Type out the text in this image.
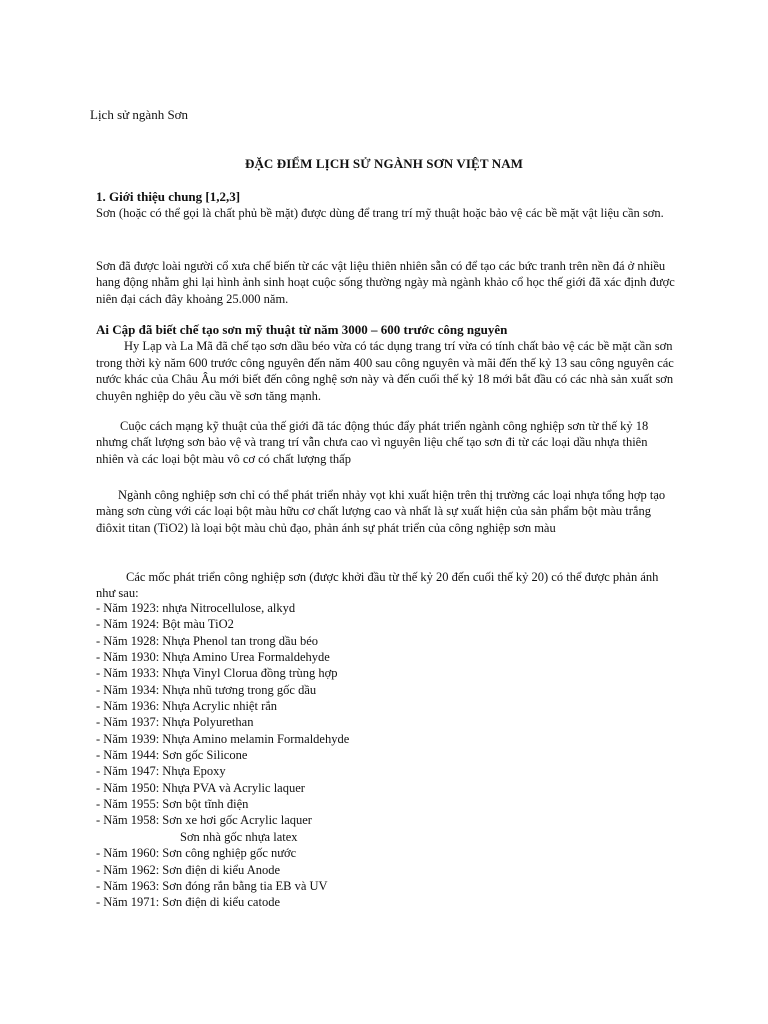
Lịch sử ngành Sơn
ĐẶC ĐIỂM LỊCH SỬ NGÀNH SƠN VIỆT NAM
1. Giới thiệu chung [1,2,3]
Sơn (hoặc có thể gọi là chất phủ bề mặt) được dùng để trang trí mỹ thuật hoặc bảo vệ các bề mặt vật liệu cần sơn.
Sơn đã được loài người cổ xưa chế biến từ các vật liệu thiên nhiên sẵn có để tạo các bức tranh trên nền đá ở nhiều hang động nhằm ghi lại hình ảnh sinh hoạt cuộc sống thường ngày mà ngành khảo cổ học thế giới đã xác định được niên đại cách đây khoảng 25.000 năm.
Ai Cập đã biết chế tạo sơn mỹ thuật từ năm 3000 – 600 trước công nguyên
Hy Lạp và La Mã đã chế tạo sơn dầu béo vừa có tác dụng trang trí vừa có tính chất bảo vệ các bề mặt cần sơn trong thời kỳ năm 600 trước công nguyên đến năm 400 sau công nguyên và mãi đến thế kỷ 13 sau công nguyên các nước khác của Châu Âu mới biết đến công nghệ sơn này và đến cuối thế kỷ 18 mới bắt đầu có các nhà sản xuất sơn chuyên nghiệp do yêu cầu về sơn tăng mạnh.
Cuộc cách mạng kỹ thuật của thế giới đã tác động thúc đẩy phát triển ngành công nghiệp sơn từ thế kỷ 18 nhưng chất lượng sơn bảo vệ và trang trí vẫn chưa cao vì nguyên liệu chế tạo sơn đi từ các loại dầu nhựa thiên nhiên và các loại bột màu vô cơ có chất lượng thấp
Ngành công nghiệp sơn chỉ có thể phát triển nhảy vọt khi xuất hiện trên thị trường các loại nhựa tổng hợp tạo màng sơn cùng với các loại bột màu hữu cơ chất lượng cao và nhất là sự xuất hiện của sản phẩm bột màu trắng điôxit titan (TiO2) là loại bột màu chủ đạo, phản ánh sự phát triển của công nghiệp sơn màu
Các mốc phát triển công nghiệp sơn (được khởi đầu từ thế kỷ 20 đến cuối thế kỷ 20) có thể được phản ánh như sau:
- Năm 1923: nhựa Nitrocellulose, alkyd
- Năm 1924: Bột màu TiO2
- Năm 1928: Nhựa Phenol tan trong dầu béo
- Năm 1930: Nhựa Amino Urea Formaldehyde
- Năm 1933: Nhựa Vinyl Clorua đồng trùng hợp
- Năm 1934: Nhựa nhũ tương trong gốc dầu
- Năm 1936: Nhựa Acrylic nhiệt rắn
- Năm 1937: Nhựa Polyurethan
- Năm 1939: Nhựa Amino melamin Formaldehyde
- Năm 1944: Sơn gốc Silicone
- Năm 1947: Nhựa Epoxy
- Năm 1950: Nhựa PVA và Acrylic laquer
- Năm 1955: Sơn bột tĩnh điện
- Năm 1958: Sơn xe hơi gốc Acrylic laquer
Sơn nhà gốc nhựa latex
- Năm 1960: Sơn công nghiệp gốc nước
- Năm 1962: Sơn điện di kiểu Anode
- Năm 1963: Sơn đóng rắn bằng tia EB và UV
- Năm 1971: Sơn điện di kiểu catode
